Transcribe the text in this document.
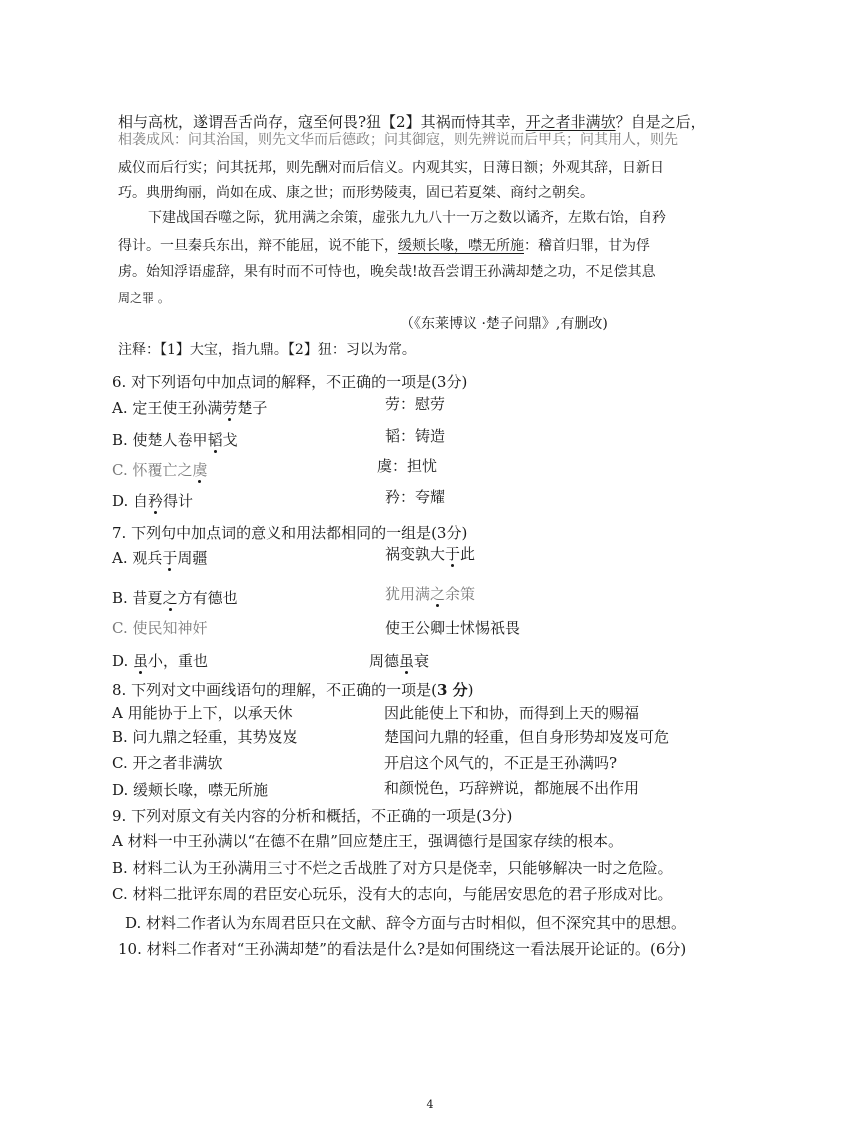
相与高枕，遂谓吾舌尚存，寇至何畏?狃【2】其祸而恃其幸，开之者非满欤？自是之后，
相袭成风：问其治国，则先文华而后德政；问其御寇，则先辨说而后甲兵；问其用人，则先
威仪而后行实；问其抚邦，则先酬对而后信义。内观其实，日薄日额；外观其辞，日新日
巧。典册绚丽，尚如在成、康之世；而形势陵夷，固已若夏桀、商纣之朝矣。
下建战国吞噬之际，犹用满之余策，虚张九九八十一万之数以谲齐，左欺右饴，自矜
得计。一旦秦兵东出，辩不能屈，说不能下，缓颊长喙，噤无所施：稽首归罪，甘为俘
虏。始知浮语虚辞，果有时而不可恃也，晚矣哉!故吾尝谓王孙满却楚之功，不足偿其息
周之罪 。
（《东莱博议 ·楚子问鼎》,有删改)
注释：【1】大宝，指九鼎。【2】狃：习以为常。
6. 对下列语句中加点词的解释，不正确的一项是(3分)
A. 定王使王孙满劳楚子	劳：慰劳
B. 使楚人卷甲韬戈	韬：铸造
C. 怀覆亡之虞	虞：担忧
D. 自矜得计	矜：夸耀
7. 下列句中加点词的意义和用法都相同的一组是(3分)
A. 观兵于周疆	祸变孰大于此
B. 昔夏之方有德也	犹用满之余策
C. 使民知神奸	使王公卿士怵惕祇畏
D. 虽小，重也	周德虽衰
8. 下列对文中画线语句的理解，不正确的一项是(3 分)
A 用能协于上下，以承天休	因此能使上下和协，而得到上天的赐福
B. 问九鼎之轻重，其势岌岌	楚国问九鼎的轻重，但自身形势却岌岌可危
C. 开之者非满欤	开启这个风气的，不正是王孙满吗?
D. 缓颊长喙，噤无所施	和颜悦色，巧辞辨说，都施展不出作用
9. 下列对原文有关内容的分析和概括，不正确的一项是(3分)
A 材料一中王孙满以“在德不在鼎”回应楚庄王，强调德行是国家存续的根本。
B. 材料二认为王孙满用三寸不烂之舌战胜了对方只是侥幸，只能够解决一时之危险。
C. 材料二批评东周的君臣安心玩乐，没有大的志向，与能居安思危的君子形成对比。
D. 材料二作者认为东周君臣只在文献、辞令方面与古时相似，但不深究其中的思想。
10. 材料二作者对“王孙满却楚”的看法是什么?是如何围绕这一看法展开论证的。(6分)
4
